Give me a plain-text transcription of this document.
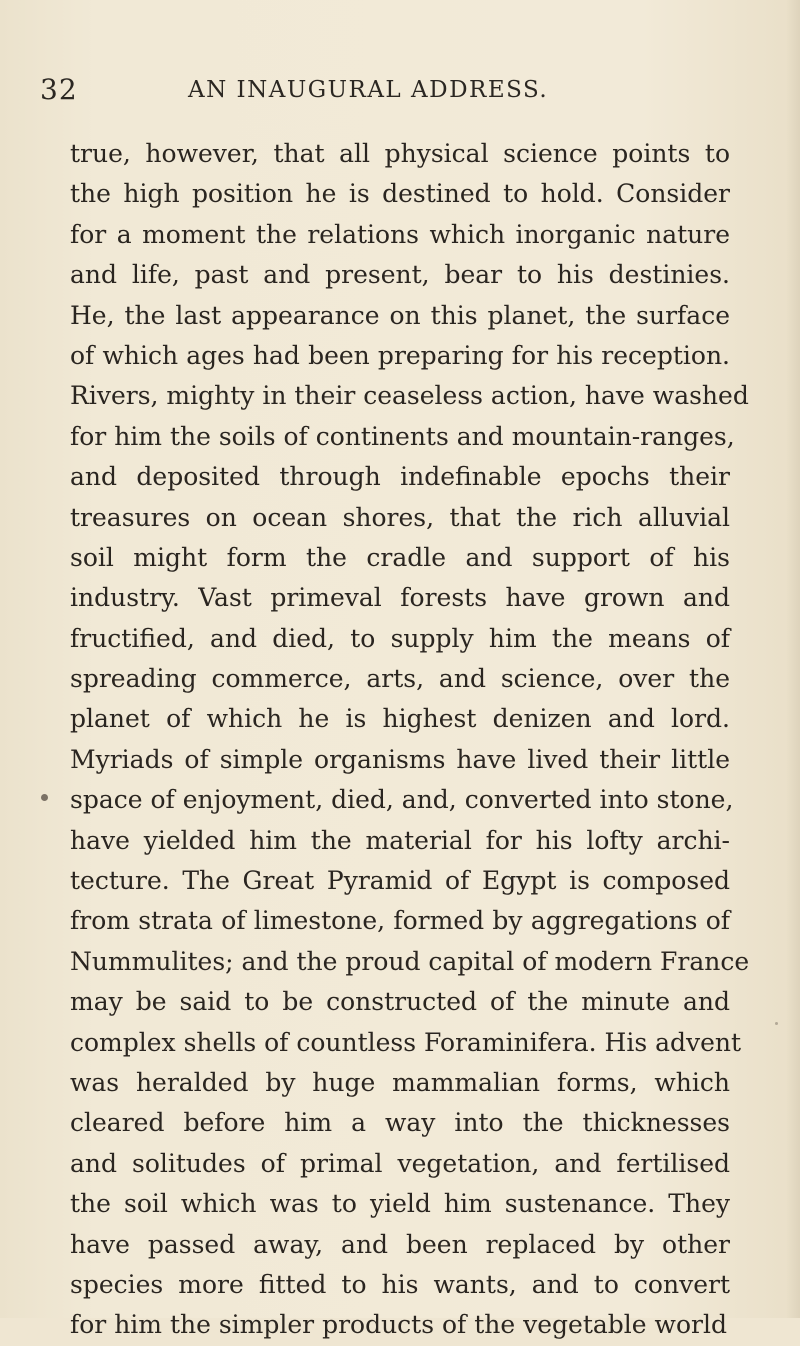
32	AN INAUGURAL ADDRESS.
true, however, that all physical science points to
the high position he is destined to hold. Consider
for a moment the relations which inorganic nature
and life, past and present, bear to his destinies.
He, the last appearance on this planet, the surface
of which ages had been preparing for his reception.
Rivers, mighty in their ceaseless action, have washed
for him the soils of continents and mountain-ranges,
and deposited through indefinable epochs their
treasures on ocean shores, that the rich alluvial
soil might form the cradle and support of his
industry. Vast primeval forests have grown and
fructified, and died, to supply him the means of
spreading commerce, arts, and science, over the
planet of which he is highest denizen and lord.
Myriads of simple organisms have lived their little
space of enjoyment, died, and, converted into stone,
have yielded him the material for his lofty archi-
tecture. The Great Pyramid of Egypt is composed
from strata of limestone, formed by aggregations of
Nummulites; and the proud capital of modern France
may be said to be constructed of the minute and
complex shells of countless Foraminifera. His advent
was heralded by huge mammalian forms, which
cleared before him a way into the thicknesses
and solitudes of primal vegetation, and fertilised
the soil which was to yield him sustenance. They
have passed away, and been replaced by other
species more fitted to his wants, and to convert
for him the simpler products of the vegetable world
